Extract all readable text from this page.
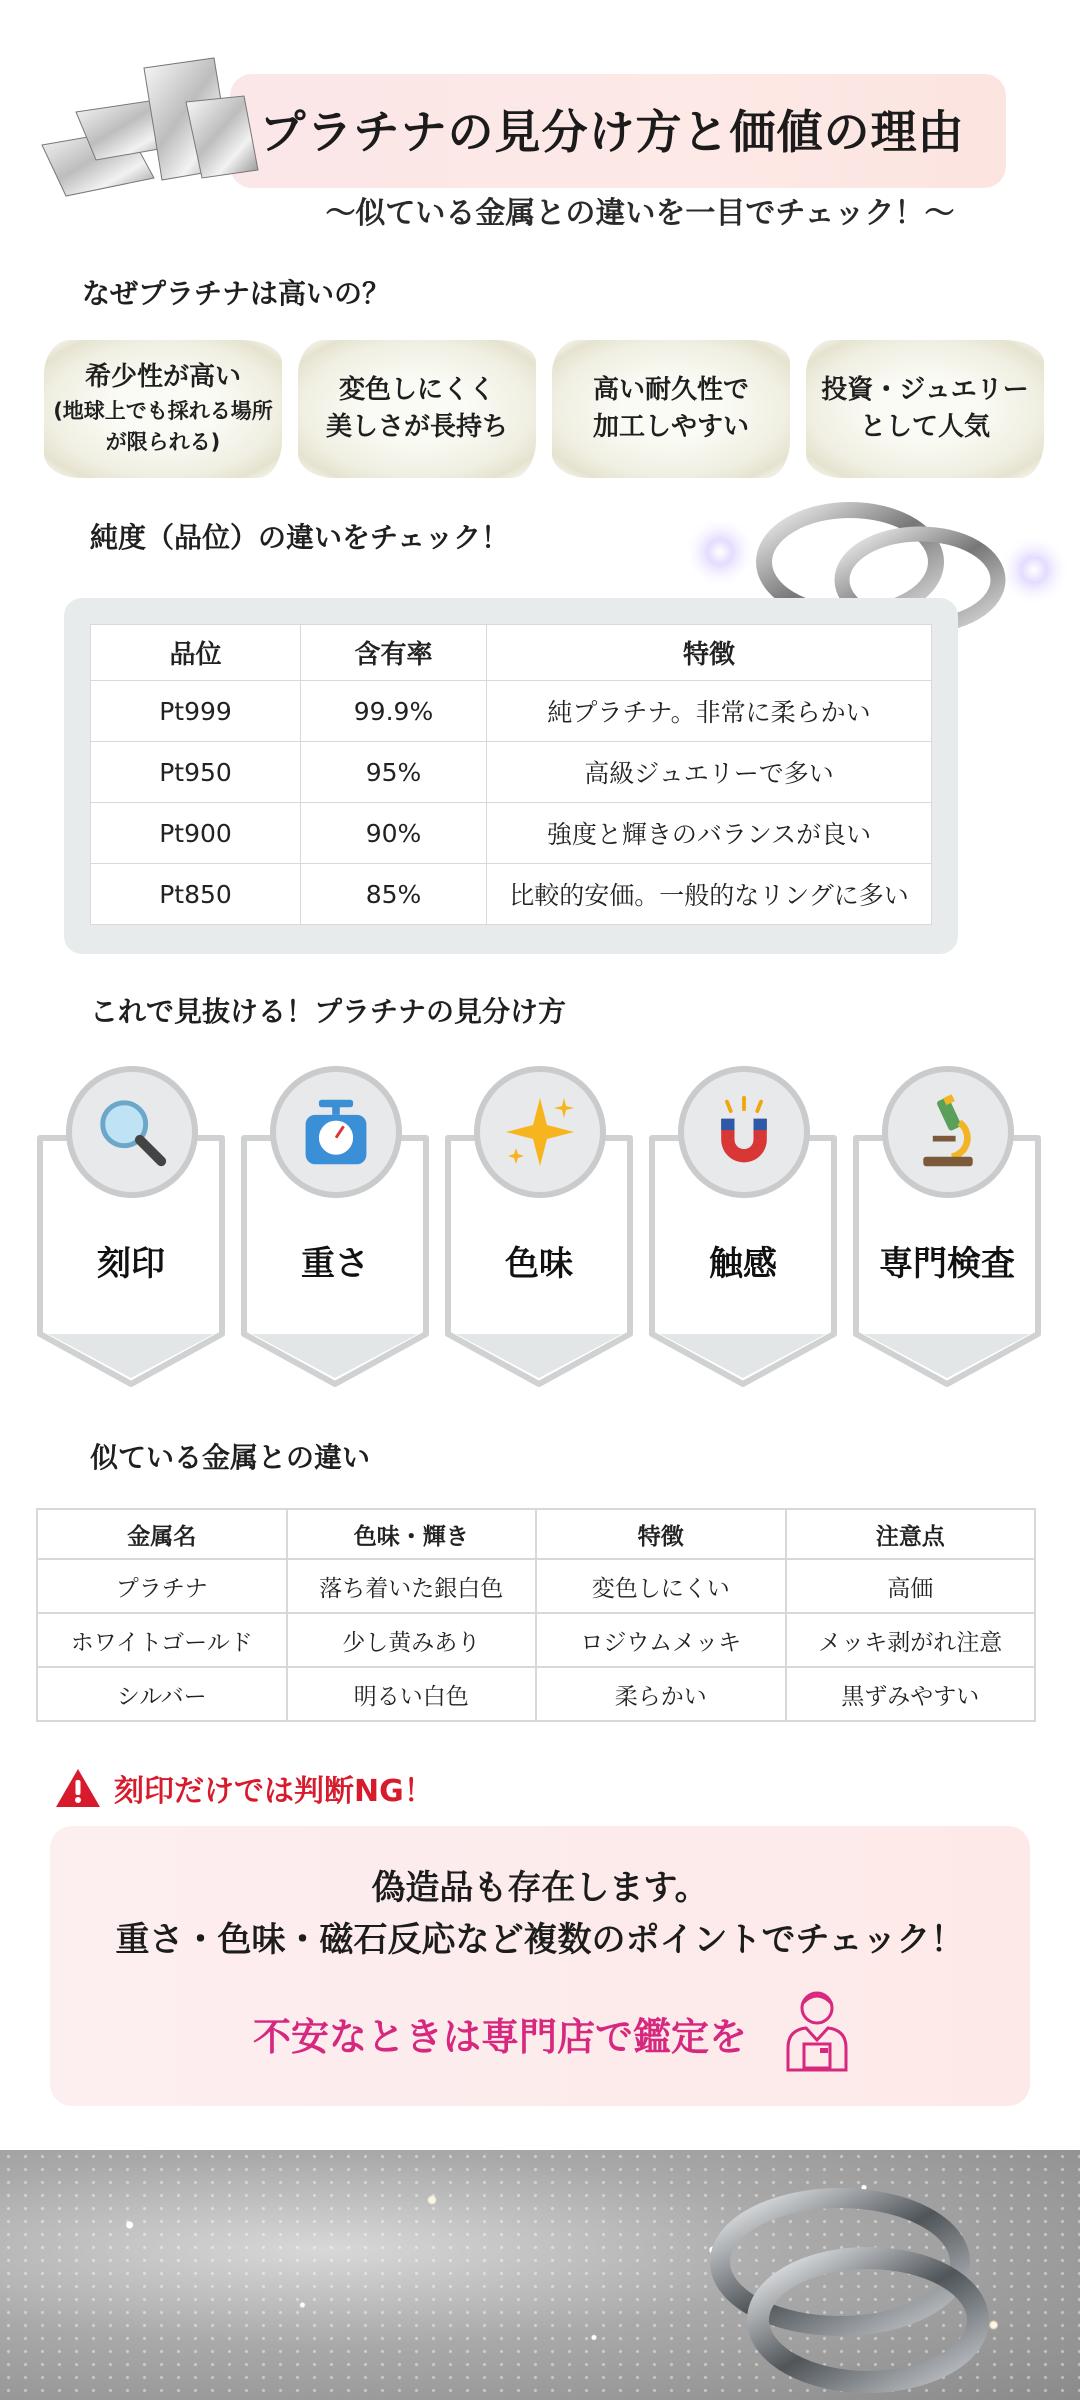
プラチナの見分け方と価値の理由
〜似ている金属との違いを一目でチェック！〜
なぜプラチナは高いの？
希少性が高い
(地球上でも採れる場所が限られる)
変色しにくく
美しさが長持ち
高い耐久性で
加工しやすい
投資・ジュエリー
として人気
純度（品位）の違いをチェック！
品位	含有率	特徴
Pt999	99.9%	純プラチナ。非常に柔らかい
Pt950	95%	高級ジュエリーで多い
Pt900	90%	強度と輝きのバランスが良い
Pt850	85%	比較的安価。一般的なリングに多い
これで見抜ける！プラチナの見分け方
刻印	重さ	色味	触感	専門検査
似ている金属との違い
金属名	色味・輝き	特徴	注意点
プラチナ	落ち着いた銀白色	変色しにくい	高価
ホワイトゴールド	少し黄みあり	ロジウムメッキ	メッキ剥がれ注意
シルバー	明るい白色	柔らかい	黒ずみやすい
刻印だけでは判断NG！
偽造品も存在します。
重さ・色味・磁石反応など複数のポイントでチェック！
不安なときは専門店で鑑定を
